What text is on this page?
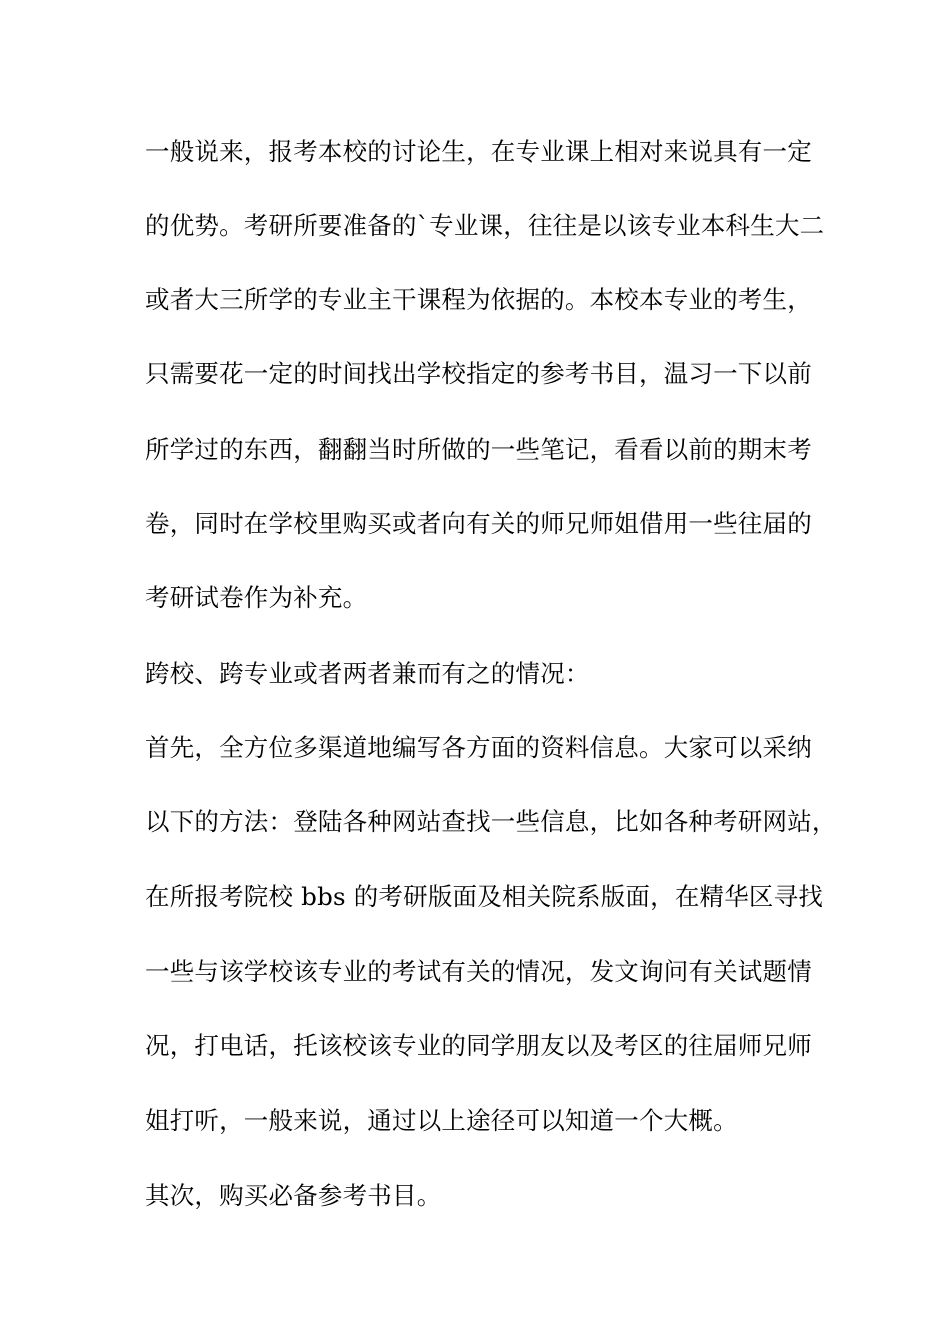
一般说来，报考本校的讨论生，在专业课上相对来说具有一定
的优势。考研所要准备的`专业课，往往是以该专业本科生大二
或者大三所学的专业主干课程为依据的。本校本专业的考生，
只需要花一定的时间找出学校指定的参考书目，温习一下以前
所学过的东西，翻翻当时所做的一些笔记，看看以前的期末考
卷，同时在学校里购买或者向有关的师兄师姐借用一些往届的
考研试卷作为补充。
跨校、跨专业或者两者兼而有之的情况：
首先，全方位多渠道地编写各方面的资料信息。大家可以采纳
以下的方法：登陆各种网站查找一些信息，比如各种考研网站，
在所报考院校 bbs 的考研版面及相关院系版面，在精华区寻找
一些与该学校该专业的考试有关的情况，发文询问有关试题情
况，打电话，托该校该专业的同学朋友以及考区的往届师兄师
姐打听，一般来说，通过以上途径可以知道一个大概。
其次，购买必备参考书目。
